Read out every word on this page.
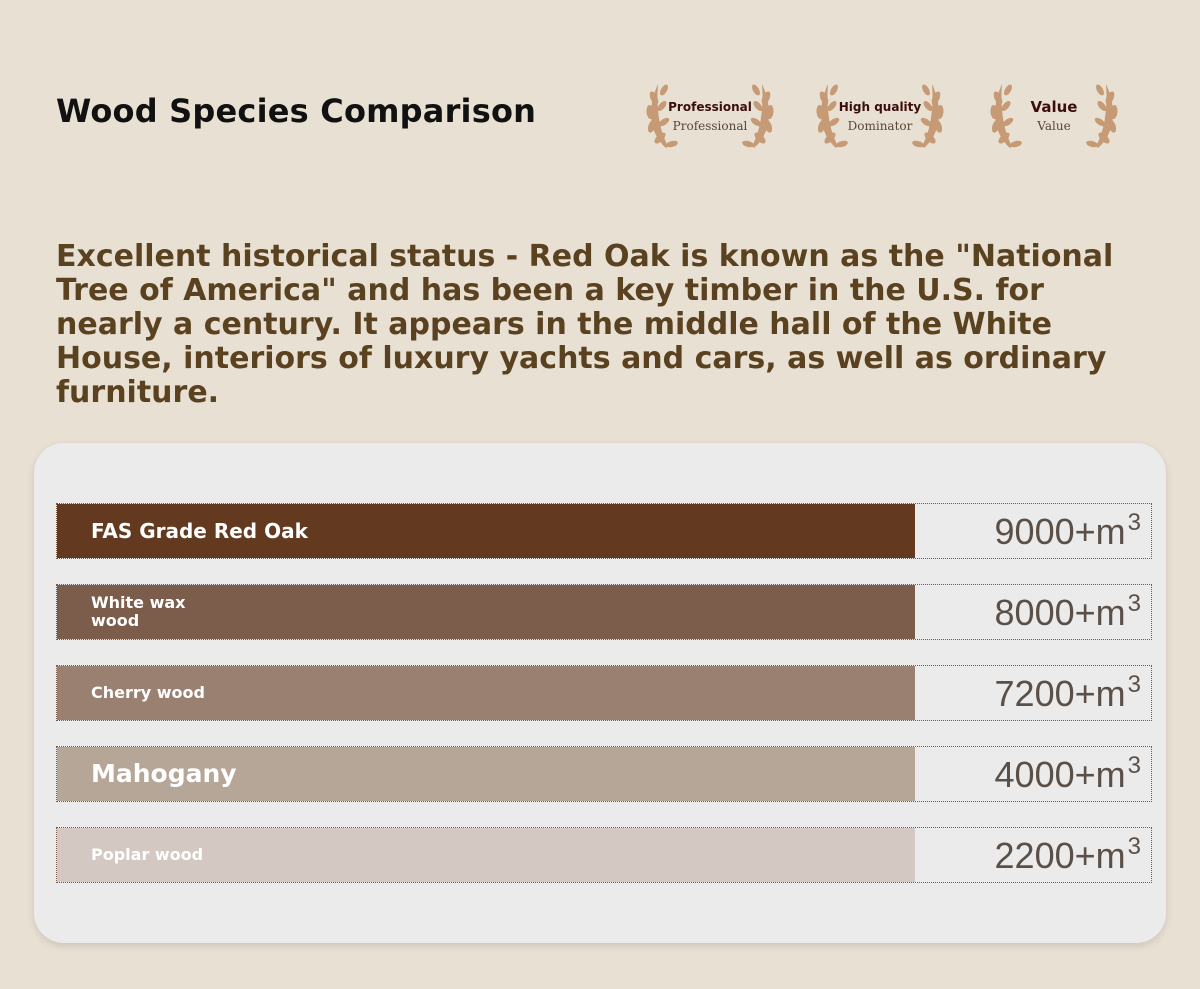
Wood Species Comparison	Professional
Professional
High quality
Dominator
Value
Value

Excellent historical status - Red Oak is known as the "National Tree of America" and has been a key timber in the U.S. for nearly a century. It appears in the middle hall of the White House, interiors of luxury yachts and cars, as well as ordinary furniture.

FAS Grade Red Oak	$9000+m^3$
White wax
wood	$8000+m^3$
Cherry wood	$7200+m^3$
Mahogany	$4000+m^3$
Poplar wood	$2200+m^3$
